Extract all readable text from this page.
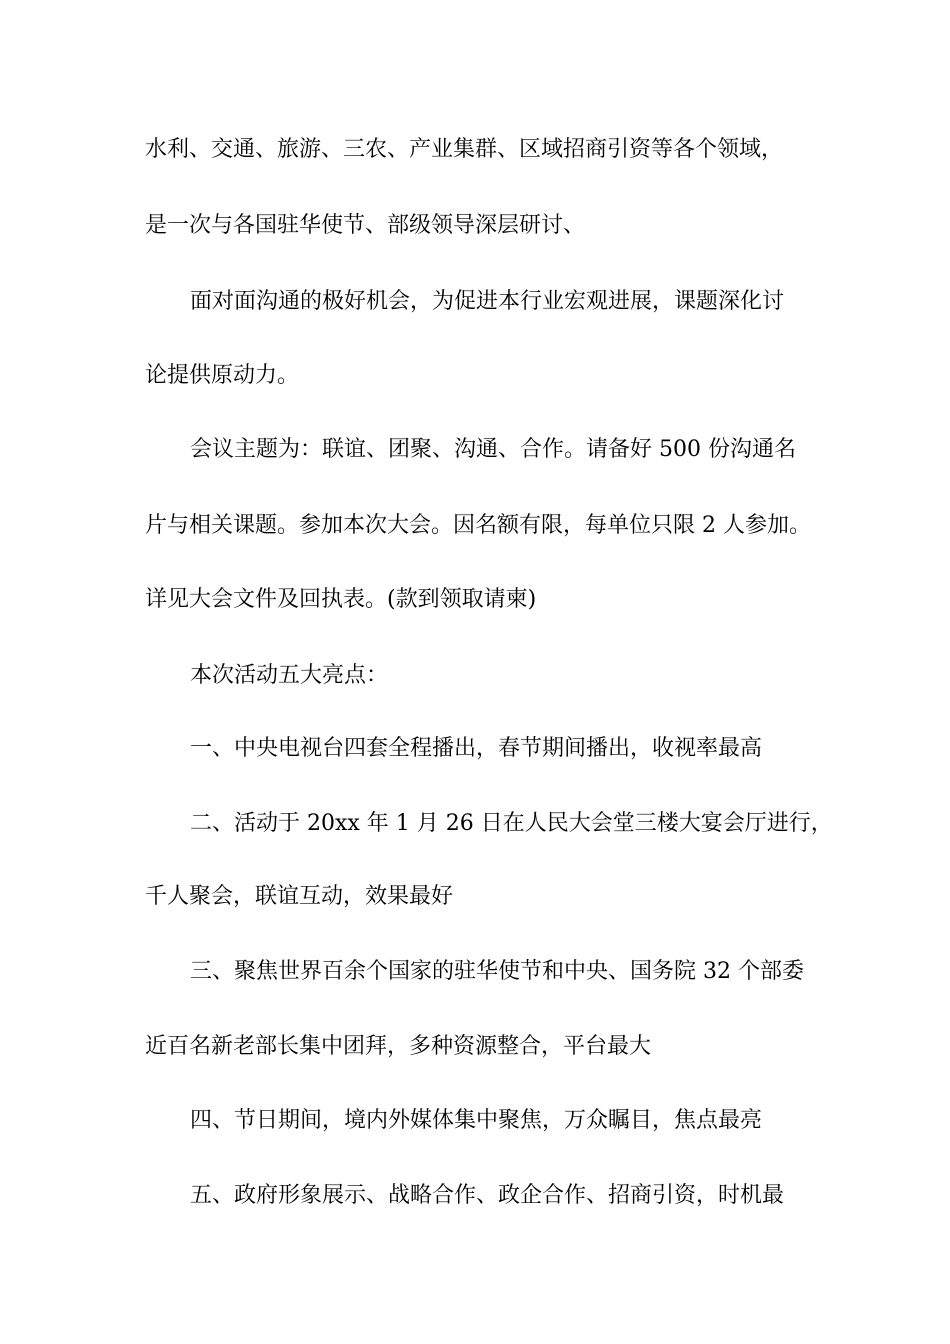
水利、交通、旅游、三农、产业集群、区域招商引资等各个领域，
是一次与各国驻华使节、部级领导深层研讨、
面对面沟通的极好机会，为促进本行业宏观进展，课题深化讨
论提供原动力。
会议主题为：联谊、团聚、沟通、合作。请备好 500 份沟通名
片与相关课题。参加本次大会。因名额有限，每单位只限 2 人参加。
详见大会文件及回执表。(款到领取请柬)
本次活动五大亮点：
一、中央电视台四套全程播出，春节期间播出，收视率最高
二、活动于 20xx 年 1 月 26 日在人民大会堂三楼大宴会厅进行，
千人聚会，联谊互动，效果最好
三、聚焦世界百余个国家的驻华使节和中央、国务院 32 个部委
近百名新老部长集中团拜，多种资源整合，平台最大
四、节日期间，境内外媒体集中聚焦，万众瞩目，焦点最亮
五、政府形象展示、战略合作、政企合作、招商引资，时机最
